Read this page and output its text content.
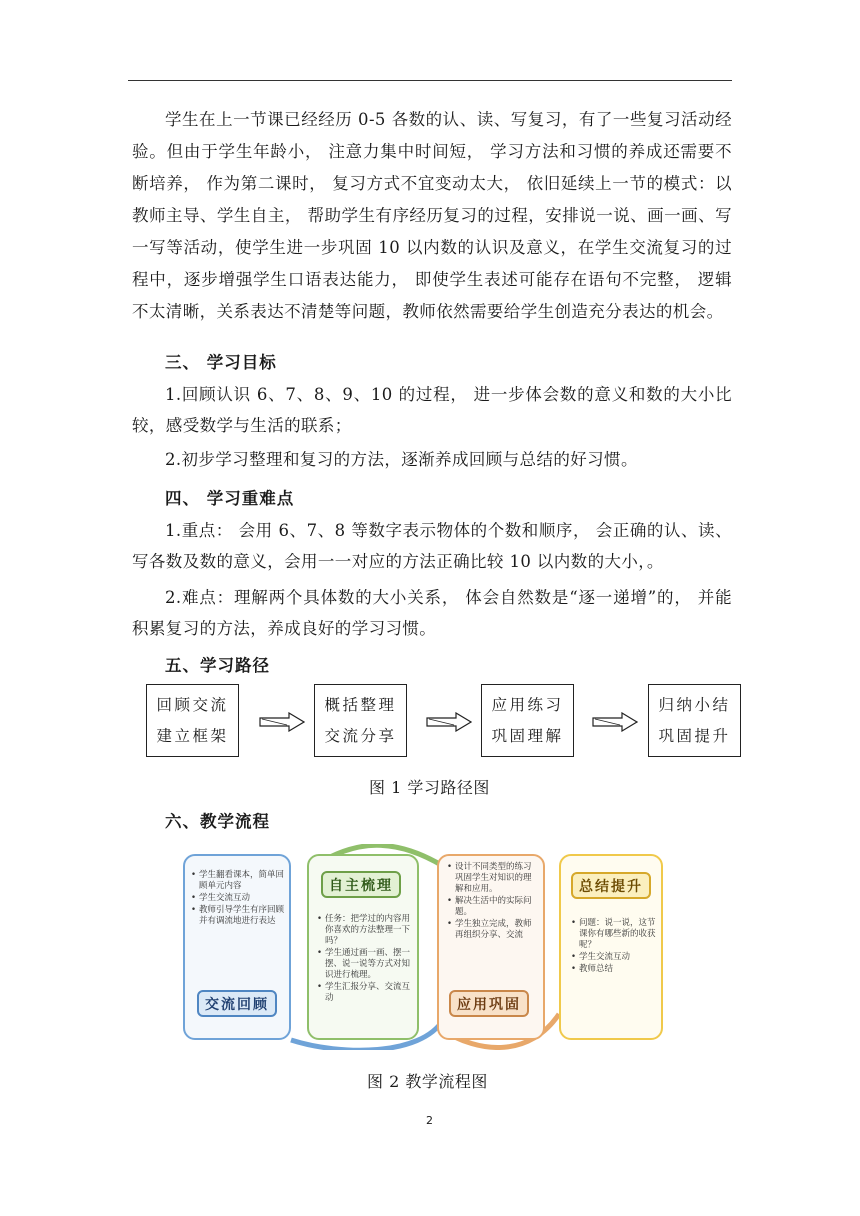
学生在上一节课已经经历 0-5 各数的认、读、写复习，有了一些复习活动经验。但由于学生年龄小， 注意力集中时间短， 学习方法和习惯的养成还需要不断培养， 作为第二课时， 复习方式不宜变动太大， 依旧延续上一节的模式：以教师主导、学生自主， 帮助学生有序经历复习的过程，安排说一说、画一画、写一写等活动，使学生进一步巩固 10 以内数的认识及意义，在学生交流复习的过程中，逐步增强学生口语表达能力， 即使学生表述可能存在语句不完整， 逻辑不太清晰，关系表达不清楚等问题，教师依然需要给学生创造充分表达的机会。

三、 学习目标

1.回顾认识 6、7、8、9、10 的过程， 进一步体会数的意义和数的大小比较，感受数学与生活的联系；

2.初步学习整理和复习的方法，逐渐养成回顾与总结的好习惯。

四、 学习重难点

1.重点： 会用 6、7、8 等数字表示物体的个数和顺序， 会正确的认、读、写各数及数的意义，会用一一对应的方法正确比较 10 以内数的大小，。

2.难点：理解两个具体数的大小关系， 体会自然数是“逐一递增”的， 并能积累复习的方法，养成良好的学习习惯。

五、学习路径
回顾交流
建立框架
概括整理
交流分享
应用练习
巩固理解
归纳小结
巩固提升
图 1 学习路径图
六、教学流程
• 学生翻看课本，简单回顾单元内容
• 学生交流互动
• 教师引导学生有序回顾并有调流地进行表达
交流回顾
• 任务：把学过的内容用你喜欢的方法整理一下吗？
• 学生通过画一画、摆一摆、说一说等方式对知识进行梳理。
• 学生汇报分享、交流互动
自主梳理
• 设计不同类型的练习巩固学生对知识的理解和应用。
• 解决生活中的实际问题。
• 学生独立完成，教师再组织分享、交流
应用巩固
• 问题：说一说，这节课你有哪些新的收获呢？
• 学生交流互动
• 教师总结
总结提升
图 2 教学流程图
2
